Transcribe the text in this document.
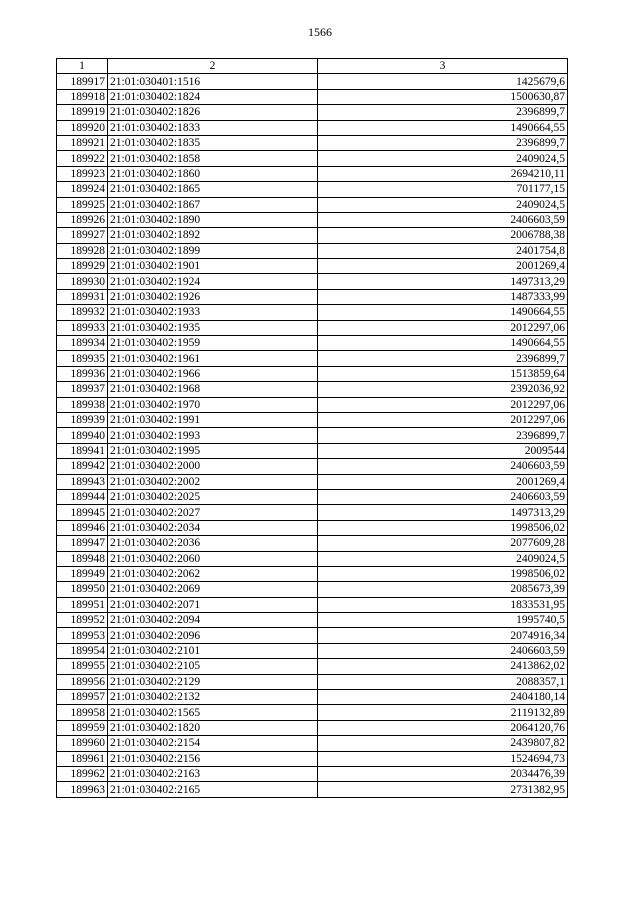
1566
1	2	3
189917	21:01:030401:1516	1425679,6
189918	21:01:030402:1824	1500630,87
189919	21:01:030402:1826	2396899,7
189920	21:01:030402:1833	1490664,55
189921	21:01:030402:1835	2396899,7
189922	21:01:030402:1858	2409024,5
189923	21:01:030402:1860	2694210,11
189924	21:01:030402:1865	701177,15
189925	21:01:030402:1867	2409024,5
189926	21:01:030402:1890	2406603,59
189927	21:01:030402:1892	2006788,38
189928	21:01:030402:1899	2401754,8
189929	21:01:030402:1901	2001269,4
189930	21:01:030402:1924	1497313,29
189931	21:01:030402:1926	1487333,99
189932	21:01:030402:1933	1490664,55
189933	21:01:030402:1935	2012297,06
189934	21:01:030402:1959	1490664,55
189935	21:01:030402:1961	2396899,7
189936	21:01:030402:1966	1513859,64
189937	21:01:030402:1968	2392036,92
189938	21:01:030402:1970	2012297,06
189939	21:01:030402:1991	2012297,06
189940	21:01:030402:1993	2396899,7
189941	21:01:030402:1995	2009544
189942	21:01:030402:2000	2406603,59
189943	21:01:030402:2002	2001269,4
189944	21:01:030402:2025	2406603,59
189945	21:01:030402:2027	1497313,29
189946	21:01:030402:2034	1998506,02
189947	21:01:030402:2036	2077609,28
189948	21:01:030402:2060	2409024,5
189949	21:01:030402:2062	1998506,02
189950	21:01:030402:2069	2085673,39
189951	21:01:030402:2071	1833531,95
189952	21:01:030402:2094	1995740,5
189953	21:01:030402:2096	2074916,34
189954	21:01:030402:2101	2406603,59
189955	21:01:030402:2105	2413862,02
189956	21:01:030402:2129	2088357,1
189957	21:01:030402:2132	2404180,14
189958	21:01:030402:1565	2119132,89
189959	21:01:030402:1820	2064120,76
189960	21:01:030402:2154	2439807,82
189961	21:01:030402:2156	1524694,73
189962	21:01:030402:2163	2034476,39
189963	21:01:030402:2165	2731382,95
